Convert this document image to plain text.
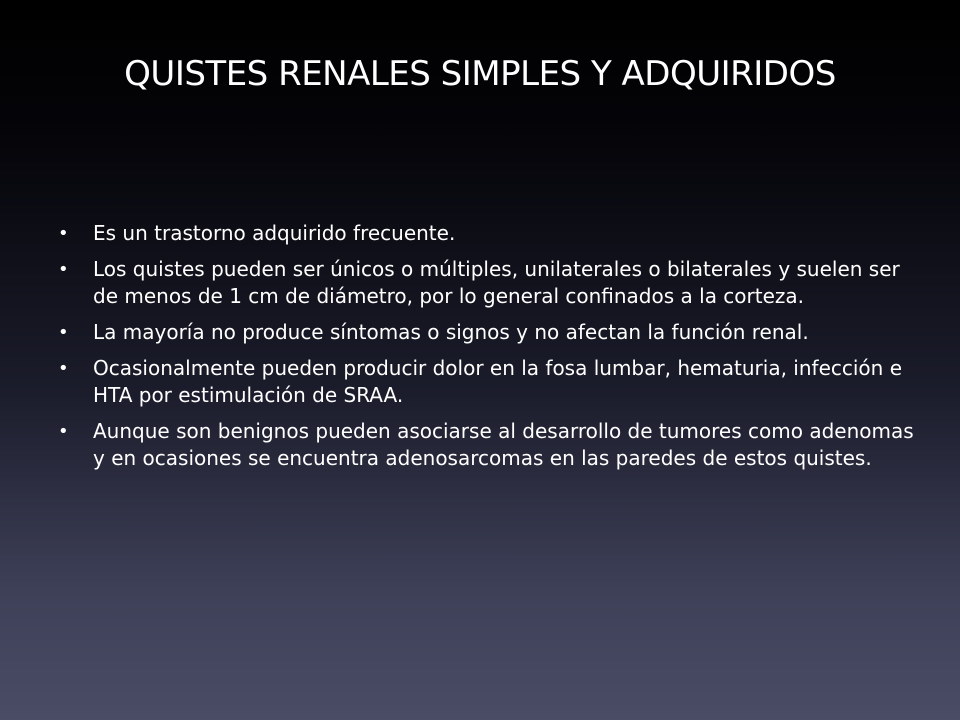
QUISTES RENALES SIMPLES Y ADQUIRIDOS
• Es un trastorno adquirido frecuente.
• Los quistes pueden ser únicos o múltiples, unilaterales o bilaterales y suelen ser de menos de 1 cm de diámetro, por lo general confinados a la corteza.
• La mayoría no produce síntomas o signos y no afectan la función renal.
• Ocasionalmente pueden producir dolor en la fosa lumbar, hematuria, infección e HTA por estimulación de SRAA.
• Aunque son benignos pueden asociarse al desarrollo de tumores como adenomas y en ocasiones se encuentra adenosarcomas en las paredes de estos quistes.
